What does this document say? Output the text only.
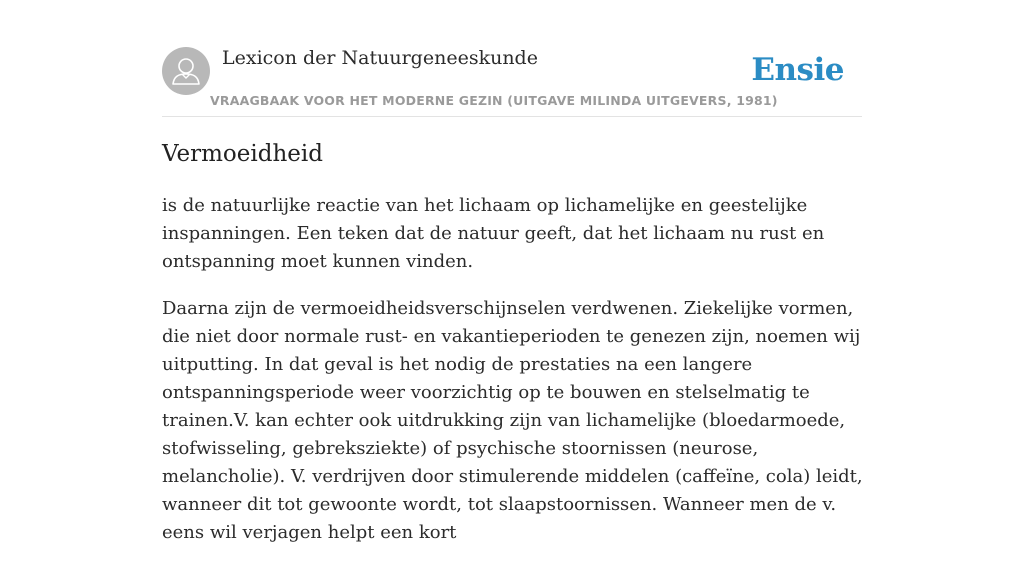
Lexicon der Natuurgeneeskunde
VRAAGBAAK VOOR HET MODERNE GEZIN (UITGAVE MILINDA UITGEVERS, 1981)
Ensie
Vermoeidheid

is de natuurlijke reactie van het lichaam op lichamelijke en geestelijke inspanningen. Een teken dat de natuur geeft, dat het lichaam nu rust en ontspanning moet kunnen vinden.

Daarna zijn de vermoeidheidsverschijnselen verdwenen. Ziekelijke vormen, die niet door normale rust- en vakantieperioden te genezen zijn, noemen wij uitputting. In dat geval is het nodig de prestaties na een langere ontspanningsperiode weer voorzichtig op te bouwen en stelselmatig te trainen.V. kan echter ook uitdrukking zijn van lichamelijke (bloedarmoede, stofwisseling, gebreksziekte) of psychische stoornissen (neurose, melancholie). V. verdrijven door stimulerende middelen (caffeïne, cola) leidt, wanneer dit tot gewoonte wordt, tot slaapstoornissen. Wanneer men de v. eens wil verjagen helpt een kort
